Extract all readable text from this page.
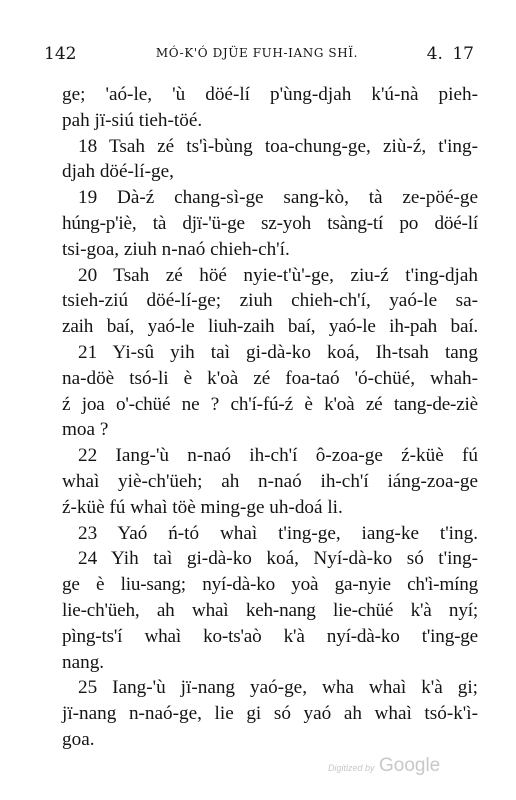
142	MÓ-K'Ó DJÜE FUH-IANG SHÏ.	4. 17
ge; 'aó-le, 'ù döé-lí p'ùng-djah k'ú-nà pieh-
pah jï-siú tieh-töé.
18 Tsah zé ts'ì-bùng toa-chung-ge, ziù-ź, t'ing-
djah döé-lí-ge,
19 Dà-ź chang-sì-ge sang-kò, tà ze-pöé-ge
húng-p'iè, tà djï-'ü-ge sz-yoh tsàng-tí po döé-lí
tsi-goa, ziuh n-naó chieh-ch'í.
20 Tsah zé höé nyie-t'ù'-ge, ziu-ź t'ing-djah
tsieh-ziú döé-lí-ge; ziuh chieh-ch'í, yaó-le sa-
zaih baí, yaó-le liuh-zaih baí, yaó-le ih-pah baí.
21 Yi-sû yih taì gi-dà-ko koá, Ih-tsah tang
na-döè tsó-li è k'oà zé foa-taó 'ó-chüé, whah-
ź joa o'-chüé ne ? ch'í-fú-ź è k'oà zé tang-de-ziè
moa ?
22 Iang-'ù n-naó ih-ch'í ô-zoa-ge ź-küè fú
whaì yiè-ch'üeh; ah n-naó ih-ch'í iáng-zoa-ge
ź-küè fú whaì töè ming-ge uh-doá li.
23 Yaó ń-tó whaì t'ing-ge, iang-ke t'ing.
24 Yih taì gi-dà-ko koá, Nyí-dà-ko só t'ing-
ge è liu-sang; nyí-dà-ko yoà ga-nyie ch'ì-míng
lie-ch'üeh, ah whaì keh-nang lie-chüé k'à nyí;
pìng-ts'í whaì ko-ts'aò k'à nyí-dà-ko t'ing-ge
nang.
25 Iang-'ù jï-nang yaó-ge, wha whaì k'à gi;
jï-nang n-naó-ge, lie gi só yaó ah whaì tsó-k'ì-
goa.
Digitized by Google
